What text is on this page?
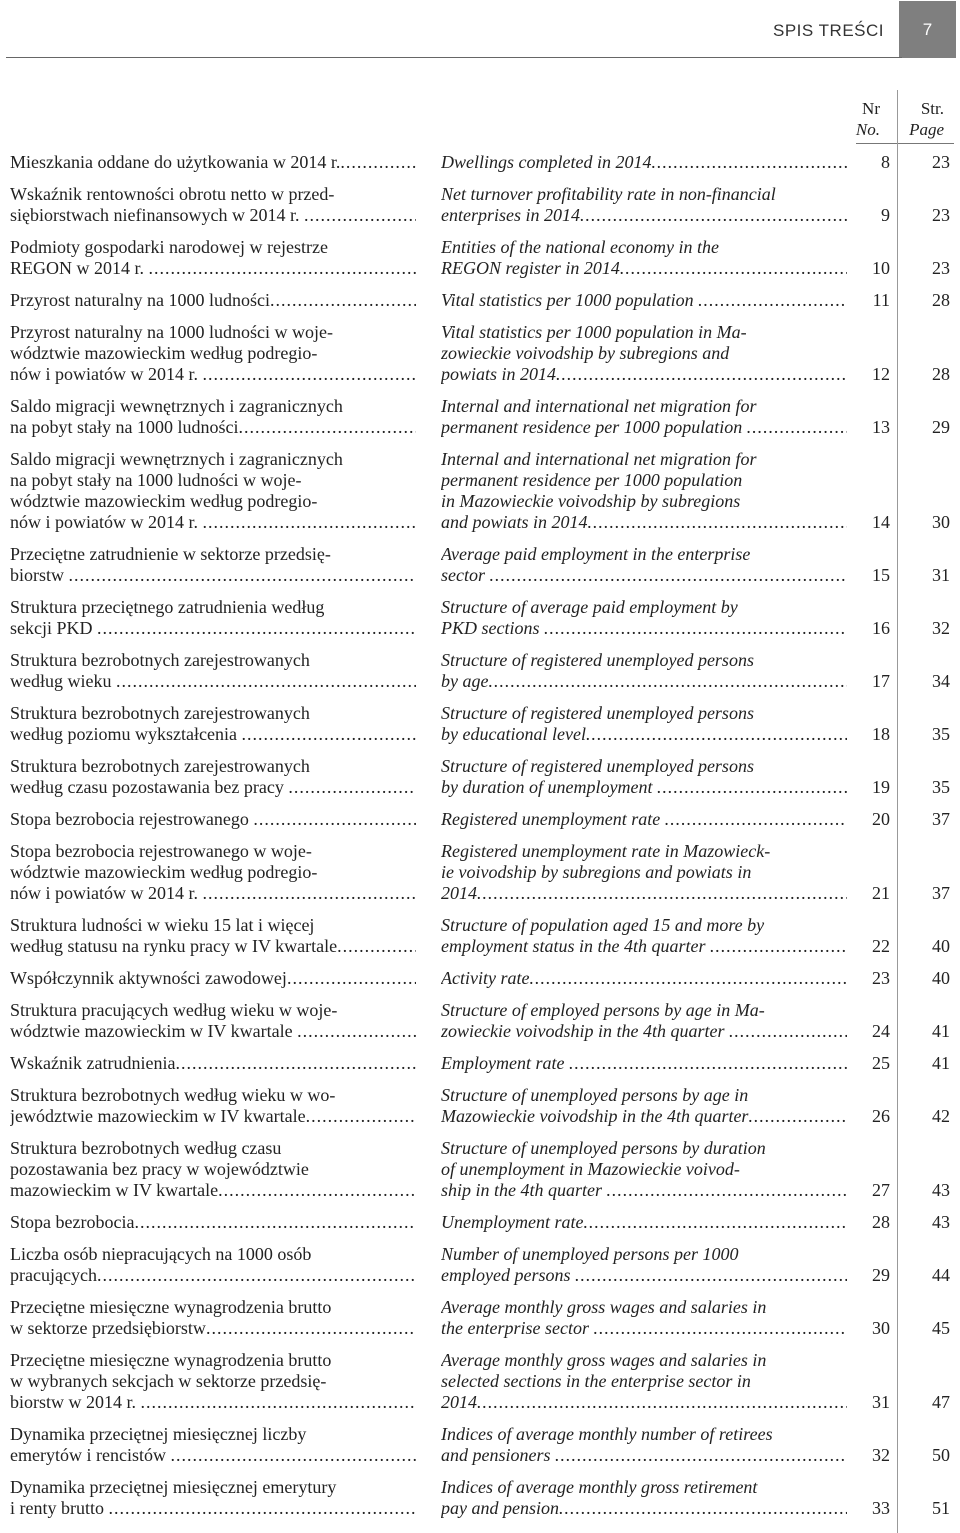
SPIS TREŚCI 7
Nr
No.
Str.
Page
Mieszkania oddane do użytkowania w 2014 r. .....	Dwellings completed in 2014 .....	8	23
Wskaźnik rentowności obrotu netto w przed-
siębiorstwach niefinansowych w 2014 r. .....
Net turnover profitability rate in non-financial
enterprises in 2014 .....	9	23
Podmioty gospodarki narodowej w rejestrze
REGON w 2014 r. .....
Entities of the national economy in the
REGON register in 2014 .....	10	23
Przyrost naturalny na 1000 ludności .....	Vital statistics per 1000 population .....	11	28
Przyrost naturalny na 1000 ludności w woje-
wództwie mazowieckim według podregio-
nów i powiatów w 2014 r. .....
Vital statistics per 1000 population in Ma-
zowieckie voivodship by subregions and
powiats in 2014 .....	12	28
Saldo migracji wewnętrznych i zagranicznych
na pobyt stały na 1000 ludności .....
Internal and international net migration for
permanent residence per 1000 population .....	13	29
Saldo migracji wewnętrznych i zagranicznych
na pobyt stały na 1000 ludności w woje-
wództwie mazowieckim według podregio-
nów i powiatów w 2014 r. .....
Internal and international net migration for
permanent residence per 1000 population
in Mazowieckie voivodship by subregions
and powiats in 2014 .....	14	30
Przeciętne zatrudnienie w sektorze przedsię-
biorstw .....
Average paid employment in the enterprise
sector .....	15	31
Struktura przeciętnego zatrudnienia według
sekcji PKD .....
Structure of average paid employment by
PKD sections .....	16	32
Struktura bezrobotnych zarejestrowanych
według wieku .....
Structure of registered unemployed persons
by age .....	17	34
Struktura bezrobotnych zarejestrowanych
według poziomu wykształcenia .....
Structure of registered unemployed persons
by educational level .....	18	35
Struktura bezrobotnych zarejestrowanych
według czasu pozostawania bez pracy .....
Structure of registered unemployed persons
by duration of unemployment .....	19	35
Stopa bezrobocia rejestrowanego .....	Registered unemployment rate .....	20	37
Stopa bezrobocia rejestrowanego w woje-
wództwie mazowieckim według podregio-
nów i powiatów w 2014 r. .....
Registered unemployment rate in Mazowieck-
ie voivodship by subregions and powiats in
2014 .....	21	37
Struktura ludności w wieku 15 lat i więcej
według statusu na rynku pracy w IV kwartale .....
Structure of population aged 15 and more by
employment status in the 4th quarter .....	22	40
Współczynnik aktywności zawodowej .....	Activity rate .....	23	40
Struktura pracujących według wieku w woje-
wództwie mazowieckim w IV kwartale .....
Structure of employed persons by age in Ma-
zowieckie voivodship in the 4th quarter .....	24	41
Wskaźnik zatrudnienia .....	Employment rate .....	25	41
Struktura bezrobotnych według wieku w wo-
jewództwie mazowieckim w IV kwartale .....
Structure of unemployed persons by age in
Mazowieckie voivodship in the 4th quarter .....	26	42
Struktura bezrobotnych według czasu
pozostawania bez pracy w województwie
mazowieckim w IV kwartale .....
Structure of unemployed persons by duration
of unemployment in Mazowieckie voivod-
ship in the 4th quarter .....	27	43
Stopa bezrobocia .....	Unemployment rate .....	28	43
Liczba osób niepracujących na 1000 osób
pracujących .....
Number of unemployed persons per 1000
employed persons .....	29	44
Przeciętne miesięczne wynagrodzenia brutto
w sektorze przedsiębiorstw .....
Average monthly gross wages and salaries in
the enterprise sector .....	30	45
Przeciętne miesięczne wynagrodzenia brutto
w wybranych sekcjach w sektorze przedsię-
biorstw w 2014 r. .....
Average monthly gross wages and salaries in
selected sections in the enterprise sector in
2014 .....	31	47
Dynamika przeciętnej miesięcznej liczby
emerytów i rencistów .....
Indices of average monthly number of retirees
and pensioners .....	32	50
Dynamika przeciętnej miesięcznej emerytury
i renty brutto .....
Indices of average monthly gross retirement
pay and pension .....	33	51
